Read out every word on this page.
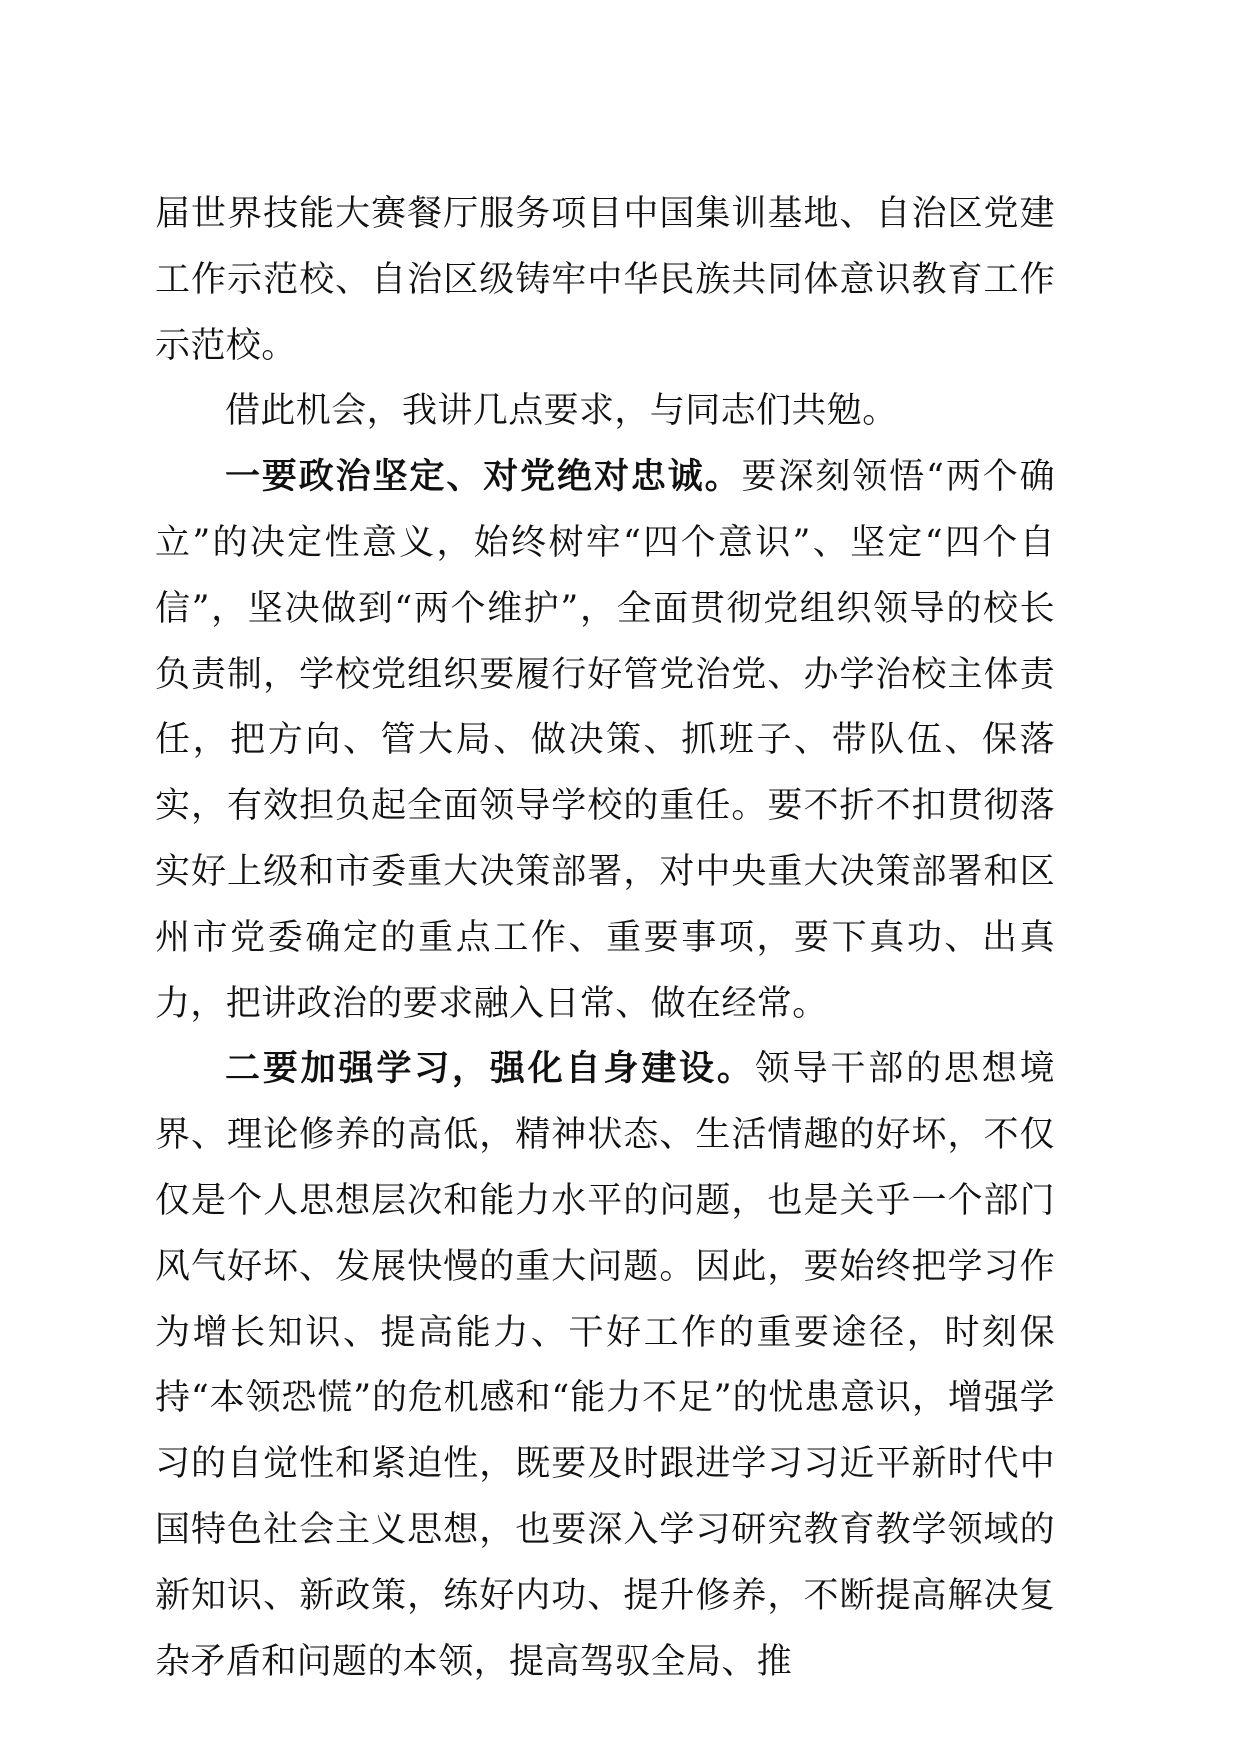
届世界技能大赛餐厅服务项目中国集训基地、自治区党建工作示范校、自治区级铸牢中华民族共同体意识教育工作示范校。

借此机会，我讲几点要求，与同志们共勉。

一要政治坚定、对党绝对忠诚。要深刻领悟“两个确立”的决定性意义，始终树牢“四个意识”、坚定“四个自信”，坚决做到“两个维护”，全面贯彻党组织领导的校长负责制，学校党组织要履行好管党治党、办学治校主体责任，把方向、管大局、做决策、抓班子、带队伍、保落实，有效担负起全面领导学校的重任。要不折不扣贯彻落实好上级和市委重大决策部署，对中央重大决策部署和区州市党委确定的重点工作、重要事项，要下真功、出真力，把讲政治的要求融入日常、做在经常。

二要加强学习，强化自身建设。领导干部的思想境界、理论修养的高低，精神状态、生活情趣的好坏，不仅仅是个人思想层次和能力水平的问题，也是关乎一个部门风气好坏、发展快慢的重大问题。因此，要始终把学习作为增长知识、提高能力、干好工作的重要途径，时刻保持“本领恐慌”的危机感和“能力不足”的忧患意识，增强学习的自觉性和紧迫性，既要及时跟进学习习近平新时代中国特色社会主义思想，也要深入学习研究教育教学领域的新知识、新政策，练好内功、提升修养，不断提高解决复杂矛盾和问题的本领，提高驾驭全局、推
